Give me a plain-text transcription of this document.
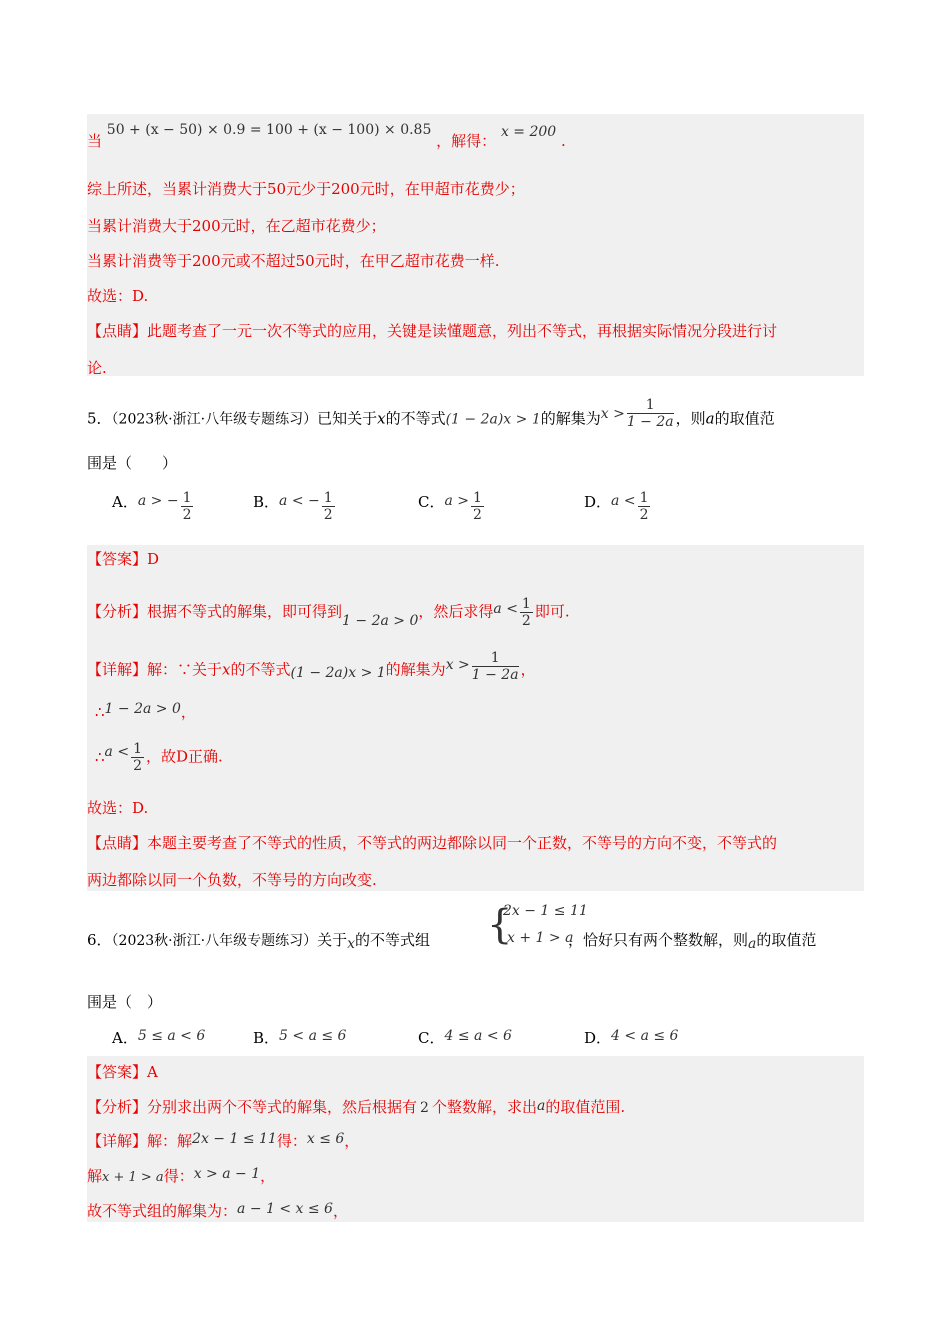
当 50 + (x − 50) × 0.9 = 100 + (x − 100) × 0.85 ，解得： x = 200 .
综上所述，当累计消费大于50元少于200元时，在甲超市花费少；
当累计消费大于200元时，在乙超市花费少；
当累计消费等于200元或不超过50元时，在甲乙超市花费一样.
故选：D.
【点睛】此题考查了一元一次不等式的应用，关键是读懂题意，列出不等式，再根据实际情况分段进行讨
论.
5．（2023秋·浙江·八年级专题练习）已知关于x的不等式(1 − 2a)x > 1的解集为$x > \frac{1}{1 - 2a}$ ，则a的取值范
围是（　　）
A．a > − $\frac{1}{2}$	B．a < − $\frac{1}{2}$	C．$a > \frac{1}{2}$	D．$a < \frac{1}{2}$
【答案】D
【分析】根据不等式的解集，即可得到1 − 2a > 0，然后求得$a < \frac{1}{2}$ 即可.
【详解】解：∵关于x的不等式(1 − 2a)x > 1的解集为$x > \frac{1}{1 - 2a}$ ，
∴1 − 2a > 0，
∴a < $\frac{1}{2}$ ，故D正确.
故选：D.
【点睛】本题主要考查了不等式的性质，不等式的两边都除以同一个正数，不等号的方向不变，不等式的
两边都除以同一个负数，不等号的方向改变.
{
2x − 1 ≤ 11
x + 1 > a
6．（2023秋·浙江·八年级专题练习）关于x的不等式组	，恰好只有两个整数解，则a的取值范
围是（　）
A．5 ≤ a < 6	B．5 < a ≤ 6	C．4 ≤ a < 6	D．4 < a ≤ 6
【答案】A
【分析】分别求出两个不等式的解集，然后根据有 2 个整数解，求出a的取值范围.
【详解】解：解2x − 1 ≤ 11得：x ≤ 6，
解x + 1 > a得：x > a − 1，
故不等式组的解集为：a − 1 < x ≤ 6，
